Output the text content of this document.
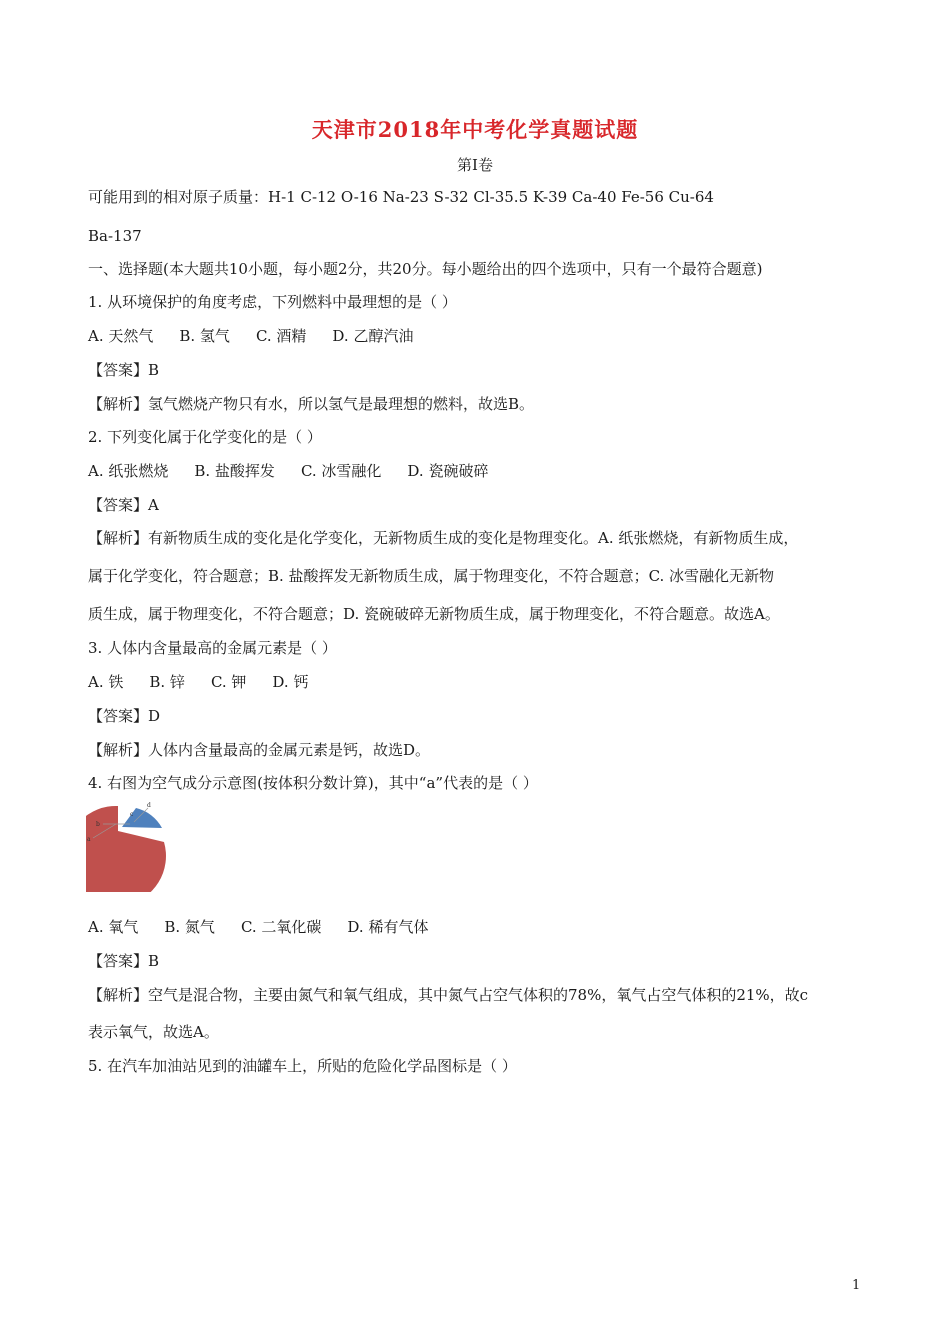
天津市2018年中考化学真题试题
第Ⅰ卷
可能用到的相对原子质量：H-1 C-12 O-16 Na-23 S-32 Cl-35.5 K-39 Ca-40 Fe-56 Cu-64
Ba-137
一、选择题(本大题共10小题，每小题2分，共20分。每小题给出的四个选项中，只有一个最符合题意)
1. 从环境保护的角度考虑，下列燃料中最理想的是（ ）
A. 天然气 B. 氢气 C. 酒精 D. 乙醇汽油
【答案】B
【解析】氢气燃烧产物只有水，所以氢气是最理想的燃料，故选B。
2. 下列变化属于化学变化的是（ ）
A. 纸张燃烧 B. 盐酸挥发 C. 冰雪融化 D. 瓷碗破碎
【答案】A
【解析】有新物质生成的变化是化学变化，无新物质生成的变化是物理变化。A. 纸张燃烧，有新物质生成，
属于化学变化，符合题意；B. 盐酸挥发无新物质生成，属于物理变化，不符合题意；C. 冰雪融化无新物
质生成，属于物理变化，不符合题意；D. 瓷碗破碎无新物质生成，属于物理变化，不符合题意。故选A。
3. 人体内含量最高的金属元素是（ ）
A. 铁 B. 锌 C. 钾 D. 钙
【答案】D
【解析】人体内含量最高的金属元素是钙，故选D。
4. 右图为空气成分示意图(按体积分数计算)，其中“a”代表的是（ ）
a
b
c
d
A. 氧气 B. 氮气 C. 二氧化碳 D. 稀有气体
【答案】B
【解析】空气是混合物，主要由氮气和氧气组成，其中氮气占空气体积的78%，氧气占空气体积的21%，故c
表示氧气，故选A。
5. 在汽车加油站见到的油罐车上，所贴的危险化学品图标是（ ）
1
